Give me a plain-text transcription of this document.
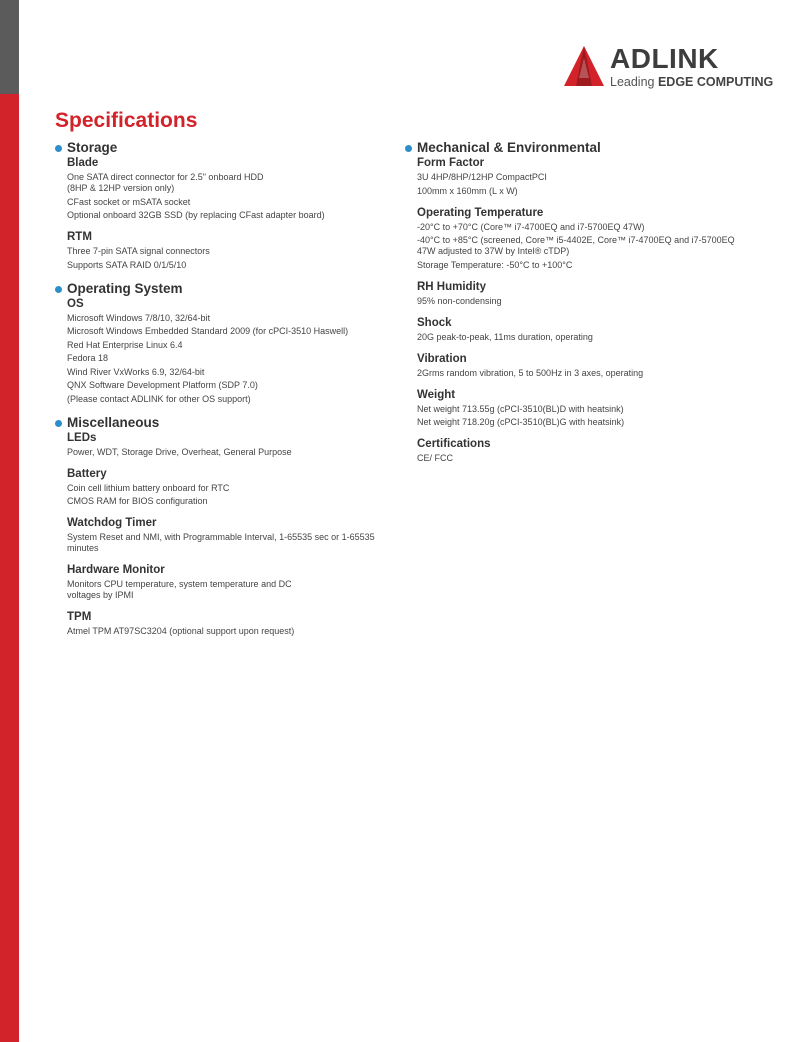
ADLINK
Leading EDGE COMPUTING
Specifications
Storage
Blade
One SATA direct connector for 2.5" onboard HDD
(8HP & 12HP version only)
CFast socket or mSATA socket
Optional onboard 32GB SSD (by replacing CFast adapter board)
RTM
Three 7-pin SATA signal connectors
Supports SATA RAID 0/1/5/10
Operating System
OS
Microsoft Windows 7/8/10, 32/64-bit
Microsoft Windows Embedded Standard 2009 (for cPCI-3510 Haswell)
Red Hat Enterprise Linux 6.4
Fedora 18
Wind River VxWorks 6.9, 32/64-bit
QNX Software Development Platform (SDP 7.0)
(Please contact ADLINK for other OS support)
Miscellaneous
LEDs
Power, WDT, Storage Drive, Overheat, General Purpose
Battery
Coin cell lithium battery onboard for RTC
CMOS RAM for BIOS configuration
Watchdog Timer
System Reset and NMI, with Programmable Interval, 1-65535 sec or 1-65535
minutes
Hardware Monitor
Monitors CPU temperature, system temperature and DC
voltages by IPMI
TPM
Atmel TPM AT97SC3204 (optional support upon request)
Mechanical & Environmental
Form Factor
3U 4HP/8HP/12HP CompactPCI
100mm x 160mm (L x W)
Operating Temperature
-20°C to +70°C (Core™ i7-4700EQ and i7-5700EQ 47W)
-40°C to +85°C (screened, Core™ i5-4402E, Core™ i7-4700EQ and i7-5700EQ
47W adjusted to 37W by Intel® cTDP)
Storage Temperature: -50°C to +100°C
RH Humidity
95% non-condensing
Shock
20G peak-to-peak, 11ms duration, operating
Vibration
2Grms random vibration, 5 to 500Hz in 3 axes, operating
Weight
Net weight 713.55g (cPCI-3510(BL)D with heatsink)
Net weight 718.20g (cPCI-3510(BL)G with heatsink)
Certifications
CE/ FCC
